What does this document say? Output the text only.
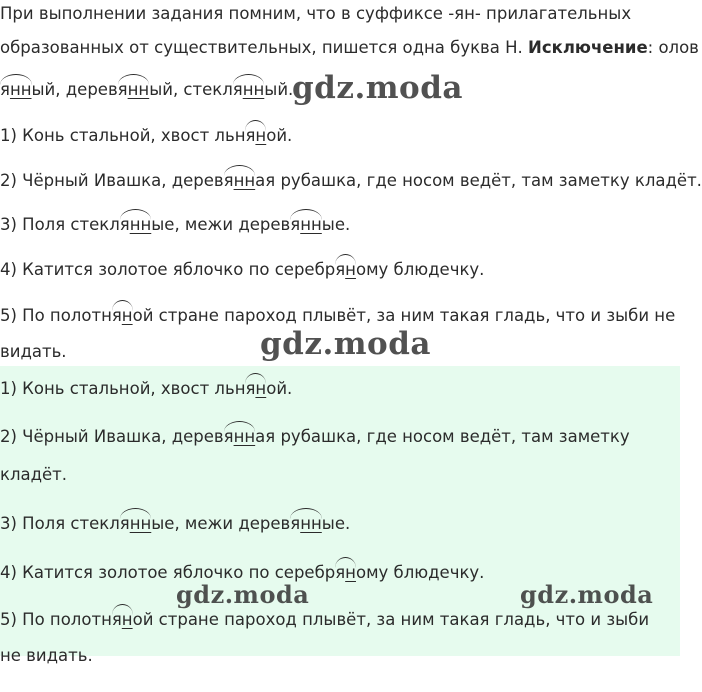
При выполнении задания помним, что в суффиксе -ян- прилагательных
образованных от существительных, пишется одна буква Н. Исключение: олов
янный, дерев
янный, стекл
янный.
1) Конь стальной, хвост льн
яной.
2) Чёрный Ивашка, дерев
янная рубашка, где носом ведёт, там заметку кладёт.
3) Поля стекл
янные, межи дерев
янные.
4) Катится золотое яблочко по серебр
яному блюдечку.
5) По полотн
яной стране пароход плывёт, за ним такая гладь, что и зыби не
видать.
1) Конь стальной, хвост льн
яной.
2) Чёрный Ивашка, дерев
янная рубашка, где носом ведёт, там заметку
кладёт.
3) Поля стекл
янные, межи дерев
янные.
4) Катится золотое яблочко по серебр
яному блюдечку.
5) По полотн
яной стране пароход плывёт, за ним такая гладь, что и зыби
не видать.
gdz.moda
gdz.moda
gdz.moda	gdz.moda
